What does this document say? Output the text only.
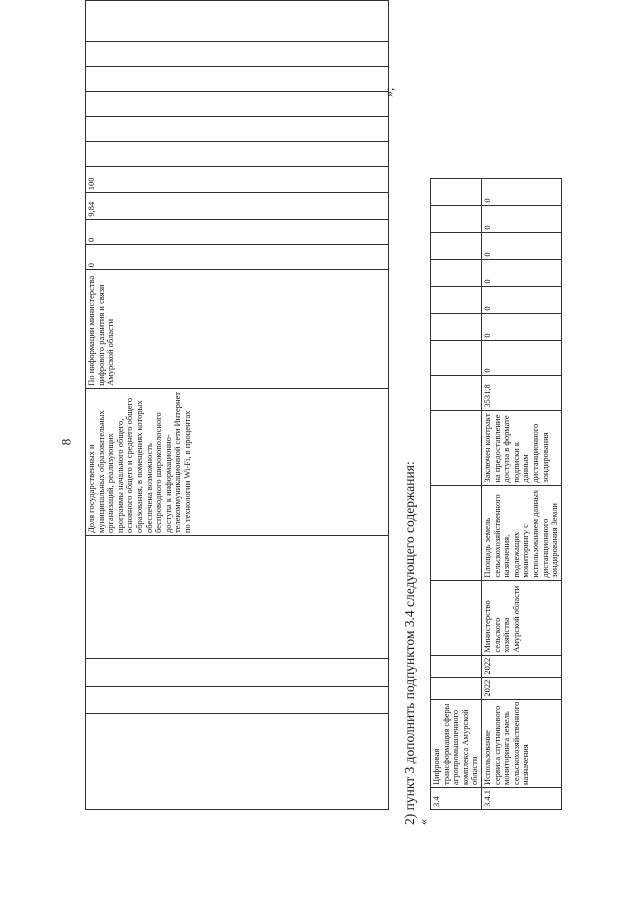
8
				Доля государственных и муниципальных образовательных организаций, реализующих программы начального общего, основного общего и среднего общего образования, в помещениях которых обеспечена возможность беспроводного широкополосного доступа к информационно-телекоммуникационной сети Интернет по технологии Wi-Fi, в процентах	По информации министерства цифрового развития и связи Амурской области	0	0	9,84	100						
»;
2) пункт 3 дополнить подпунктом 3.4 следующего содержания: «
3.4	Цифровая трансформация сферы агропромышленного комплекса Амурской области													
3.4.1	Использование сервиса спутникового мониторинга земель сельскохозяйственного назначения	2022	2022	Министерство сельского хозяйства Амурской области	Площадь земель сельскохозяйственного назначения, подлежащих мониторингу с использованием данных дистанционного зондирования Земли	Заключен контракт на предоставление доступа в формате подписки к данным дистанционного зондирования	3531,8	0	0	0	0	0	0	0
